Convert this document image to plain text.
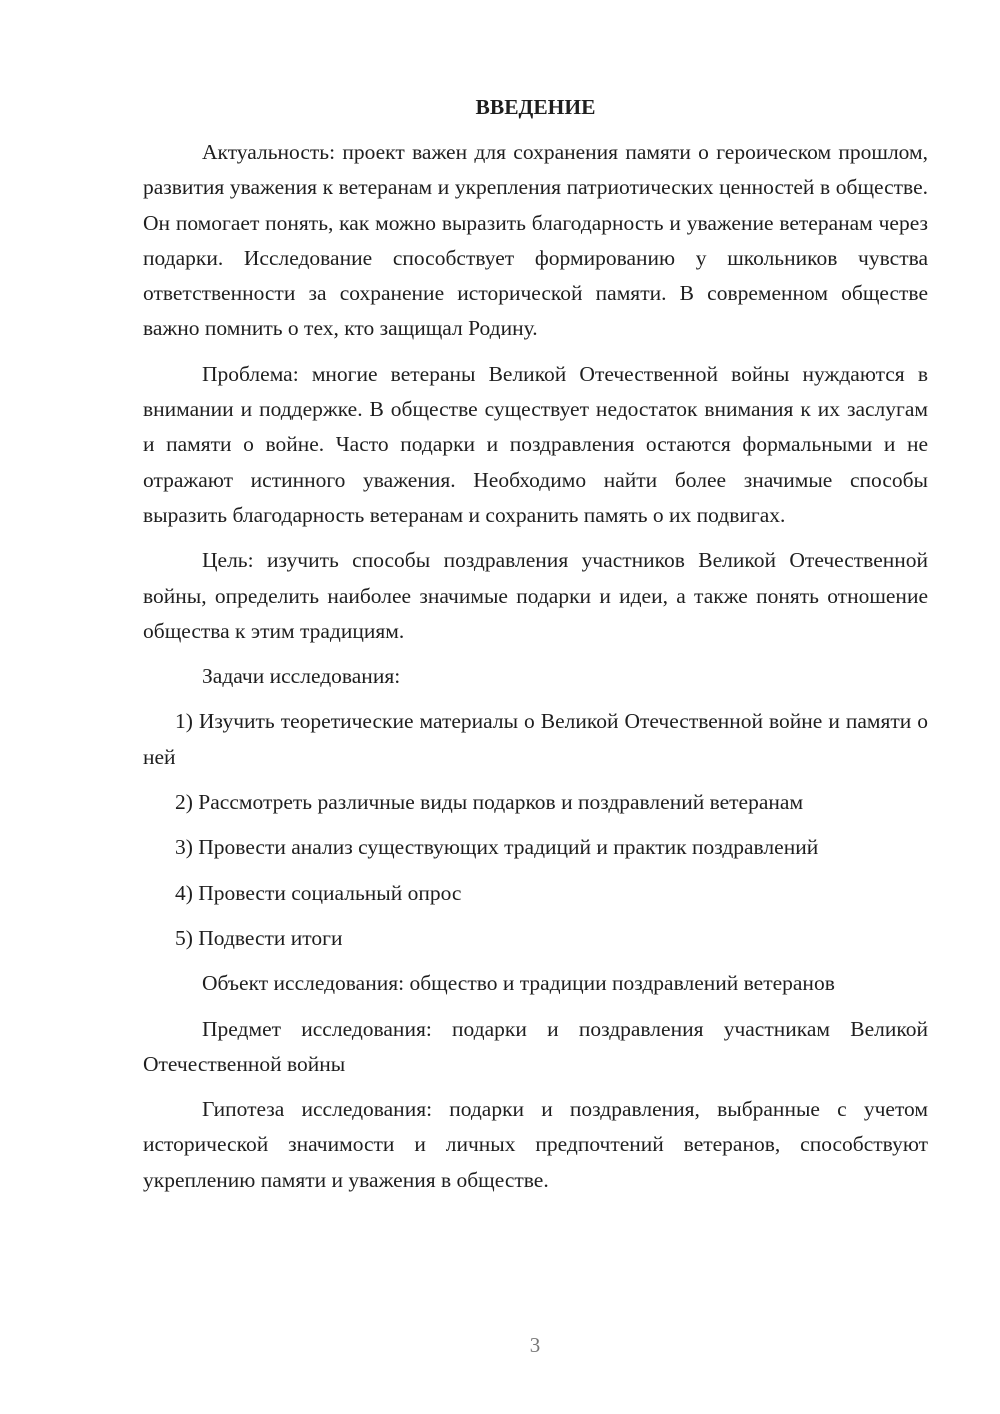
ВВЕДЕНИЕ

Актуальность: проект важен для сохранения памяти о героическом прошлом, развития уважения к ветеранам и укрепления патриотических ценностей в обществе. Он помогает понять, как можно выразить благодарность и уважение ветеранам через подарки. Исследование способствует формированию у школьников чувства ответственности за сохранение исторической памяти. В современном обществе важно помнить о тех, кто защищал Родину.

Проблема: многие ветераны Великой Отечественной войны нуждаются в внимании и поддержке. В обществе существует недостаток внимания к их заслугам и памяти о войне. Часто подарки и поздравления остаются формальными и не отражают истинного уважения. Необходимо найти более значимые способы выразить благодарность ветеранам и сохранить память о их подвигах.

Цель: изучить способы поздравления участников Великой Отечественной войны, определить наиболее значимые подарки и идеи, а также понять отношение общества к этим традициям.

Задачи исследования:

1) Изучить теоретические материалы о Великой Отечественной войне и памяти о ней

2) Рассмотреть различные виды подарков и поздравлений ветеранам

3) Провести анализ существующих традиций и практик поздравлений

4) Провести социальный опрос

5) Подвести итоги

Объект исследования: общество и традиции поздравлений ветеранов

Предмет исследования: подарки и поздравления участникам Великой Отечественной войны

Гипотеза исследования: подарки и поздравления, выбранные с учетом исторической значимости и личных предпочтений ветеранов, способствуют укреплению памяти и уважения в обществе.

3
